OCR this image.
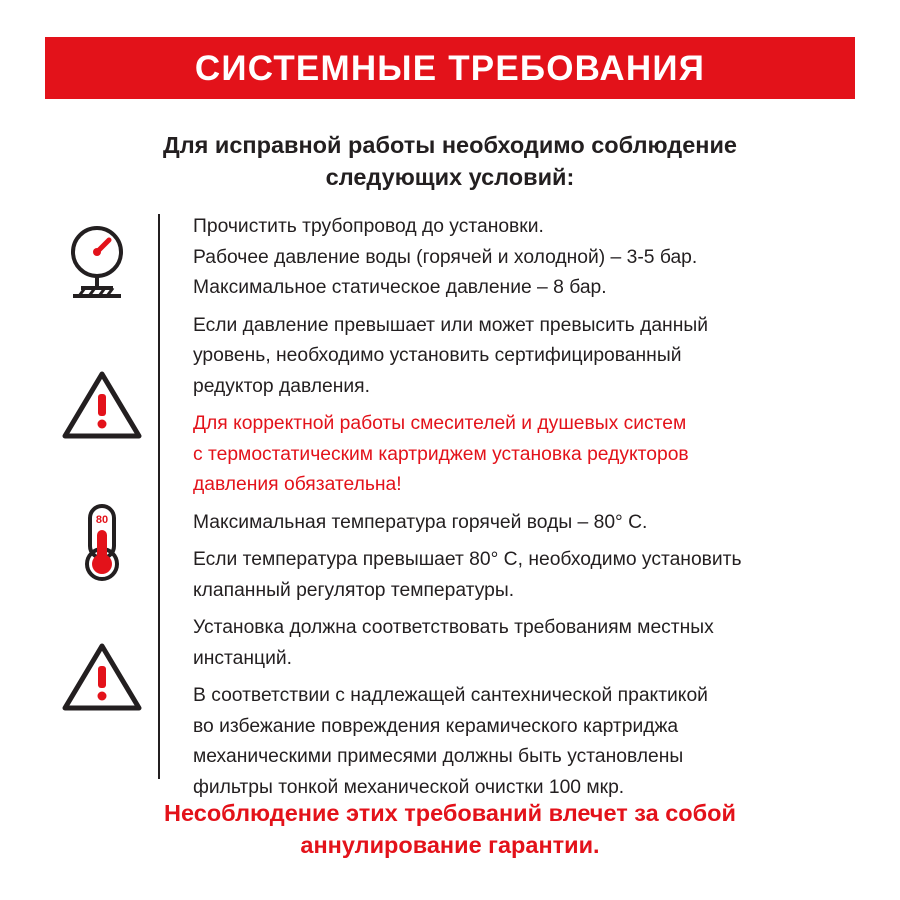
СИСТЕМНЫЕ ТРЕБОВАНИЯ
Для исправной работы необходимо соблюдение
следующих условий:
80
Прочистить трубопровод до установки.
Рабочее давление воды (горячей и холодной) – 3-5 бар.
Максимальное статическое давление – 8 бар.
Если давление превышает или может превысить данный
уровень, необходимо установить сертифицированный
редуктор давления.
Для корректной работы смесителей и душевых систем
с термостатическим картриджем установка редукторов
давления обязательна!
Максимальная температура горячей воды – 80° С.
Если температура превышает 80° С, необходимо установить
клапанный регулятор температуры.
Установка должна соответствовать требованиям местных
инстанций.
В соответствии с надлежащей сантехнической практикой
во избежание повреждения керамического картриджа
механическими примесями должны быть установлены
фильтры тонкой механической очистки 100 мкр.
Несоблюдение этих требований влечет за собой
аннулирование гарантии.
